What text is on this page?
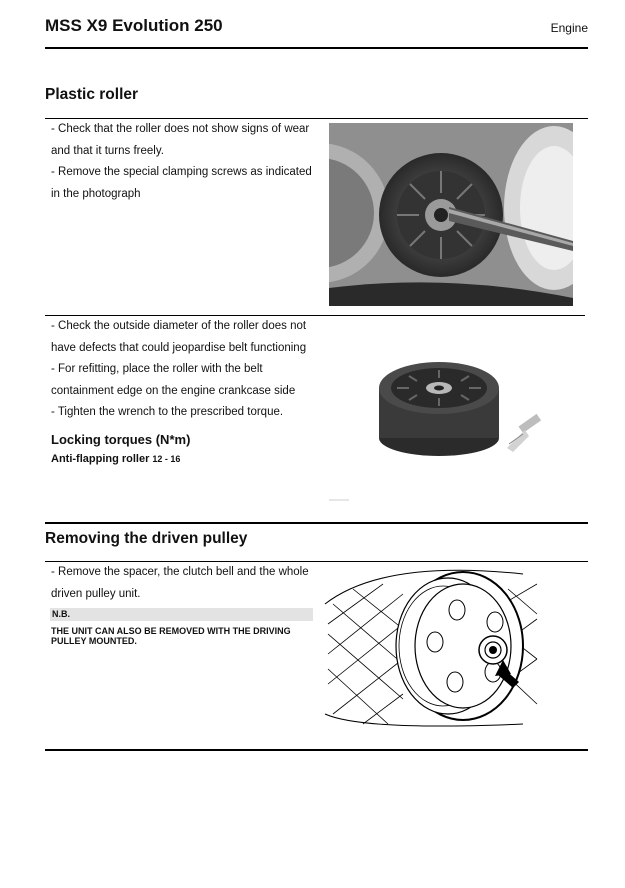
MSS X9 Evolution 250	Engine
Plastic roller

- Check that the roller does not show signs of wear and that it turns freely.

- Remove the special clamping screws as indicated in the photograph

- Check the outside diameter of the roller does not have defects that could jeopardise belt functioning

- For refitting, place the roller with the belt containment edge on the engine crankcase side

- Tighten the wrench to the prescribed torque.

Locking torques (N*m)
Anti-flapping roller 12 - 16
Removing the driven pulley

- Remove the spacer, the clutch bell and the whole driven pulley unit.

N.B.
THE UNIT CAN ALSO BE REMOVED WITH THE DRIVING PULLEY MOUNTED.
